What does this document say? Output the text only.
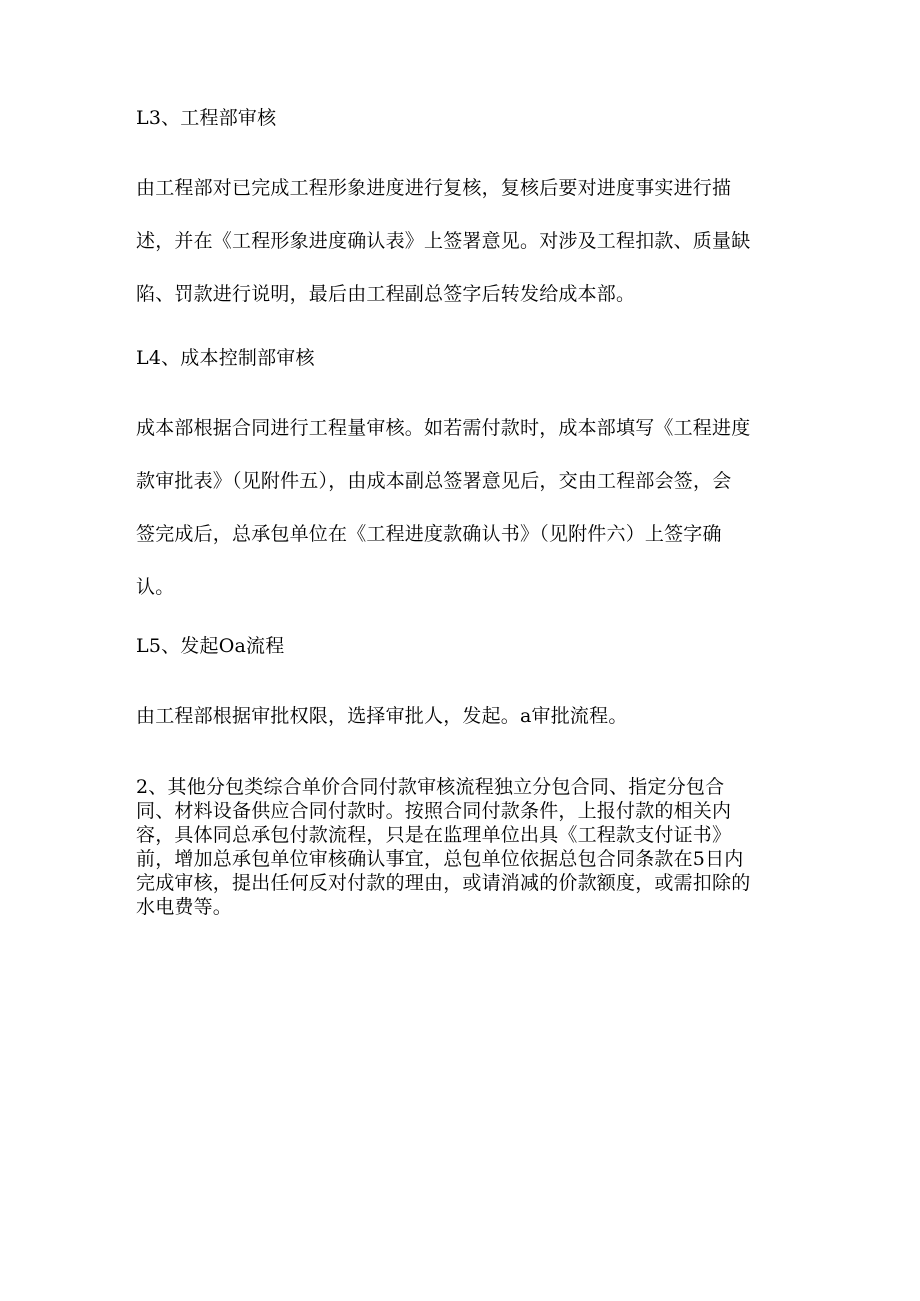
L3、工程部审核
由工程部对已完成工程形象进度进行复核，复核后要对进度事实进行描
述，并在《工程形象进度确认表》上签署意见。对涉及工程扣款、质量缺
陷、罚款进行说明，最后由工程副总签字后转发给成本部。
L4、成本控制部审核
成本部根据合同进行工程量审核。如若需付款时，成本部填写《工程进度
款审批表》（见附件五），由成本副总签署意见后，交由工程部会签，会
签完成后，总承包单位在《工程进度款确认书》（见附件六）上签字确
认。
L5、发起Oa流程
由工程部根据审批权限，选择审批人，发起。a审批流程。
2、其他分包类综合单价合同付款审核流程独立分包合同、指定分包合
同、材料设备供应合同付款时。按照合同付款条件，上报付款的相关内
容，具体同总承包付款流程，只是在监理单位出具《工程款支付证书》
前，增加总承包单位审核确认事宜，总包单位依据总包合同条款在5日内
完成审核，提出任何反对付款的理由，或请消减的价款额度，或需扣除的
水电费等。
